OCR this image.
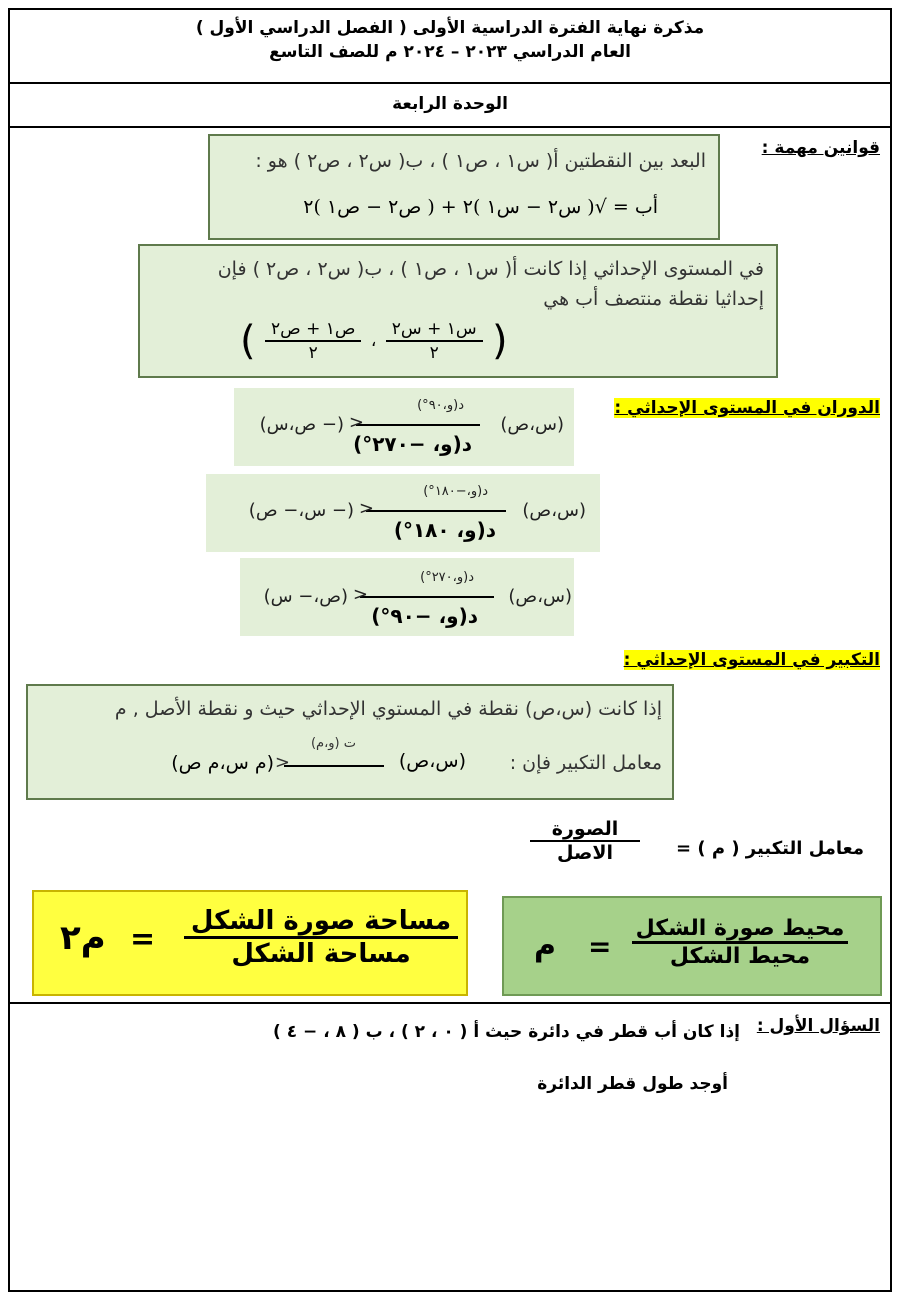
مذكرة نهاية الفترة الدراسية الأولى ( الفصل الدراسي الأول )
العام الدراسي ٢٠٢٣ – ٢٠٢٤ م للصف التاسع
الوحدة الرابعة
قوانين مهمة :
البعد بين النقطتين أ( س١ ، ص١ ) ، ب( س٢ ، ص٢ ) هو :
أب = √( س٢ − س١ )٢ + ( ص٢ − ص١ )٢
في المستوى الإحداثي إذا كانت أ( س١ ، ص١ ) ، ب( س٢ ، ص٢ ) فإن
إحداثيا نقطة منتصف أب هي
(
$\frac{\text{س١ + س٢}}{٢}$
،
$\frac{\text{ص١ + ص٢}}{٢}$
)
الدوران في المستوى الإحداثي :
(س،ص)
د(و،٩٠°)
<
د(و، −٢٧٠°)
(− ص،س)
(س،ص)
د(و،−١٨٠°)
<
د(و، ١٨٠°)
(− س،− ص)
(س،ص)
د(و،٢٧٠°)
<
د(و، −٩٠°)
(ص،− س)
التكبير في المستوى الإحداثي :
إذا كانت (س،ص) نقطة في المستوي الإحداثي حيث و نقطة الأصل , م
معامل التكبير فإن :
(س،ص)
ت (و،م)
<
(م س،م ص)
معامل التكبير ( م ) =
الصورة
الاصل
مساحة صورة الشكل
مساحة الشكل
=
م٢	محيط صورة الشكل
محيط الشكل
=
م
السؤال الأول :
إذا كان أب قطر في دائرة حيث أ ( ٠ ، ٢ ) ، ب ( ٨ ، − ٤ )
أوجد طول قطر الدائرة
